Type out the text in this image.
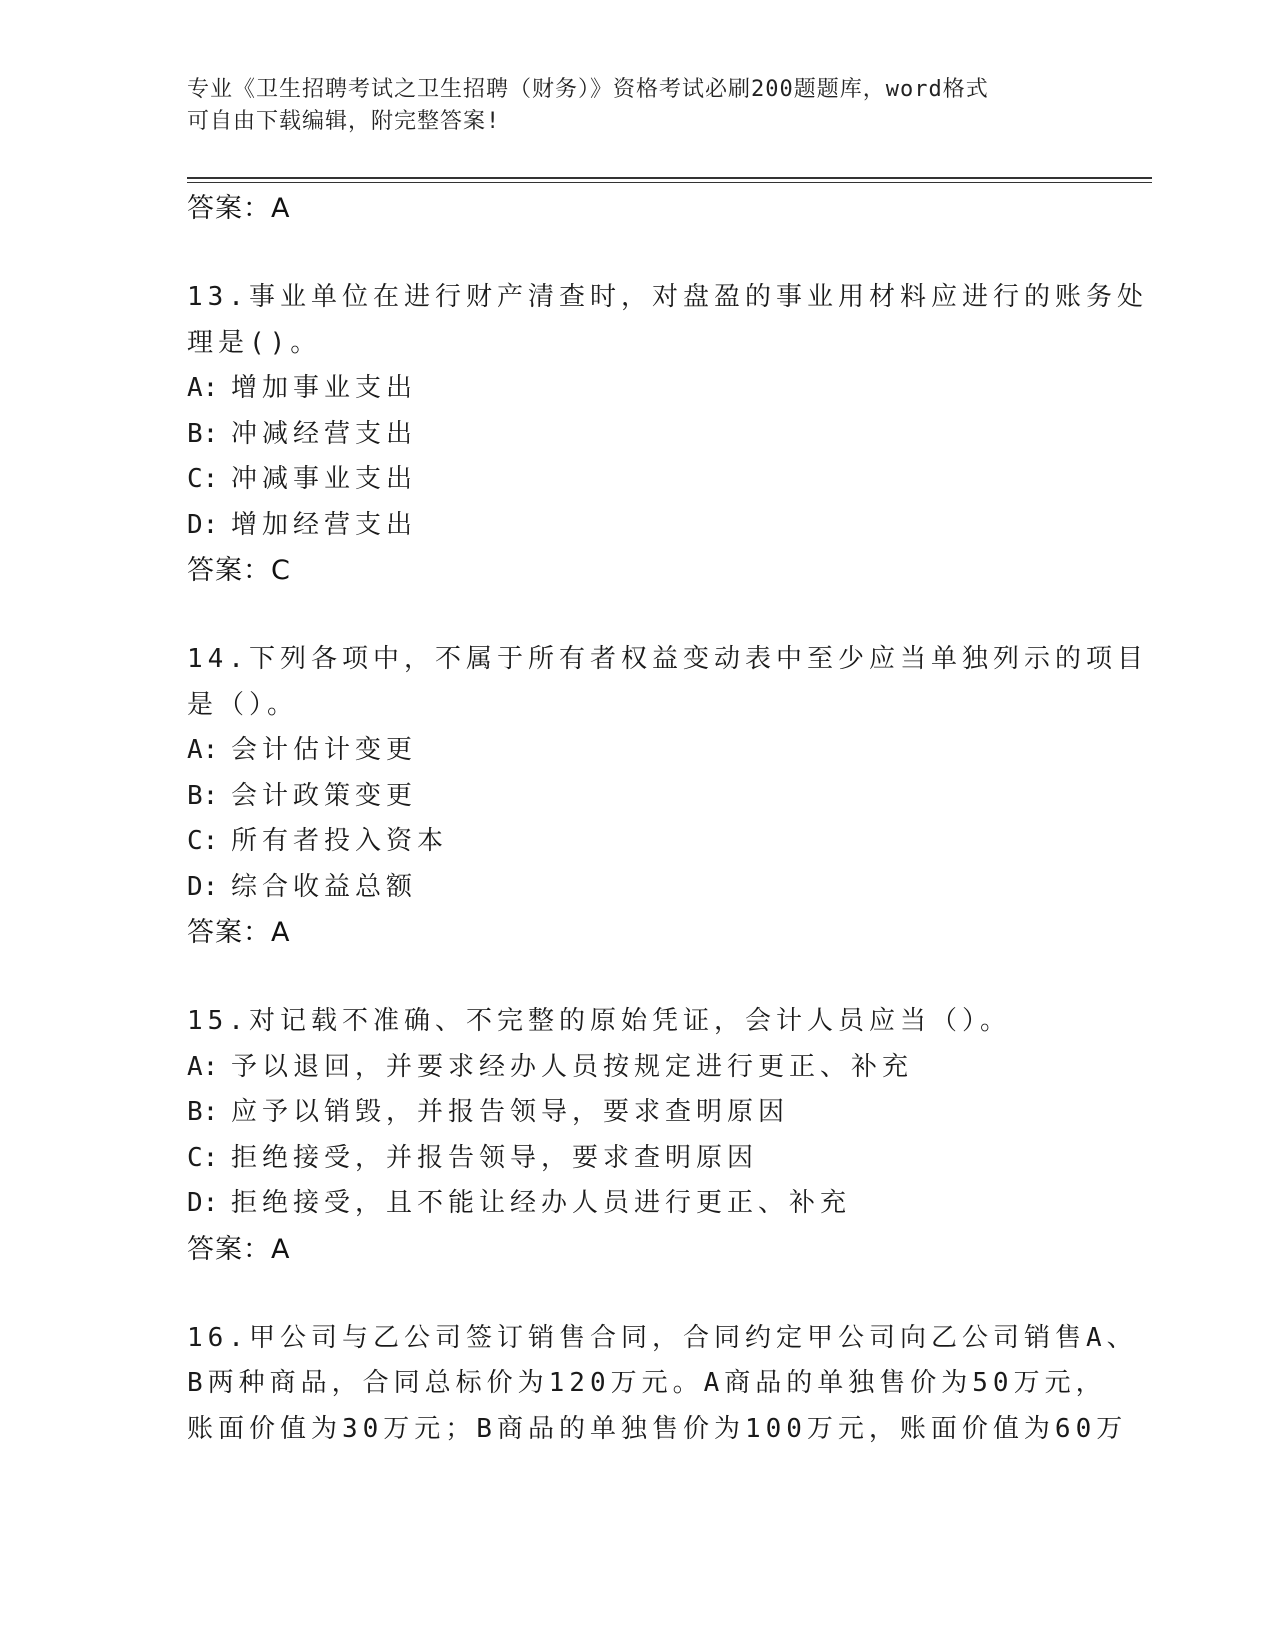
专业《卫生招聘考试之卫生招聘（财务）》资格考试必刷200题题库，word格式
可自由下载编辑，附完整答案!
答案：A
13.事业单位在进行财产清查时，对盘盈的事业用材料应进行的账务处
理是()。
A: 增加事业支出
B: 冲减经营支出
C: 冲减事业支出
D: 增加经营支出
答案：C
14.下列各项中，不属于所有者权益变动表中至少应当单独列示的项目
是（）。
A: 会计估计变更
B: 会计政策变更
C: 所有者投入资本
D: 综合收益总额
答案：A
15.对记载不准确、不完整的原始凭证，会计人员应当（）。
A: 予以退回，并要求经办人员按规定进行更正、补充
B: 应予以销毁，并报告领导，要求查明原因
C: 拒绝接受，并报告领导，要求查明原因
D: 拒绝接受，且不能让经办人员进行更正、补充
答案：A
16.甲公司与乙公司签订销售合同，合同约定甲公司向乙公司销售A、
B两种商品，合同总标价为120万元。A商品的单独售价为50万元，
账面价值为30万元；B商品的单独售价为100万元，账面价值为60万
